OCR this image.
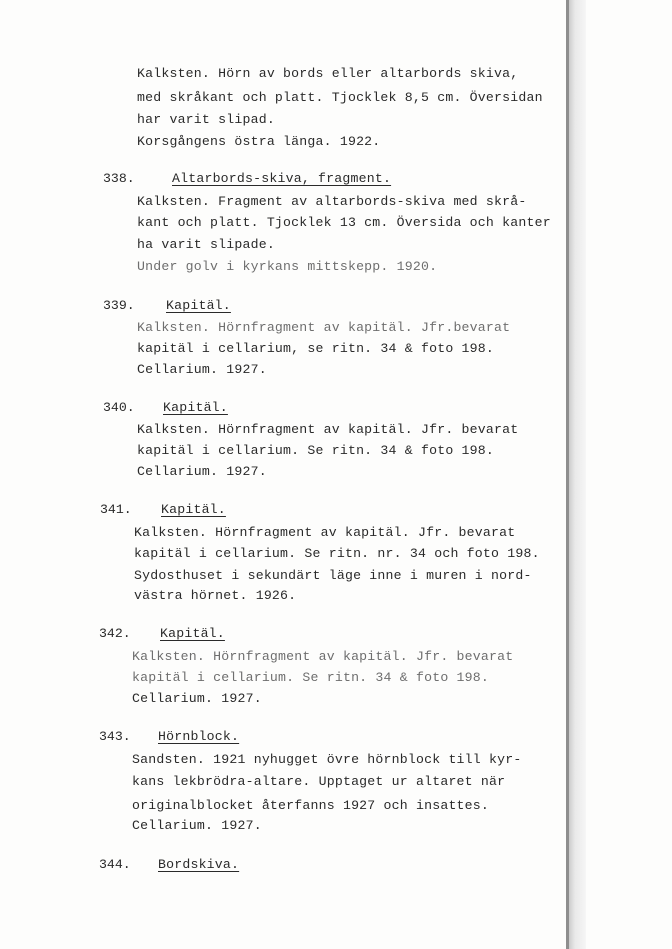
Kalksten. Hörn av bords eller altarbords skiva,
med skråkant och platt. Tjocklek 8,5 cm. Översidan
har varit slipad.
Korsgångens östra länga. 1922.
338.	Altarbords-skiva, fragment.
Kalksten. Fragment av altarbords-skiva med skrå-
kant och platt. Tjocklek 13 cm. Översida och kanter
ha varit slipade.
Under golv i kyrkans mittskepp. 1920.
339. Kapitäl.
Kalksten. Hörnfragment av kapitäl. Jfr.bevarat
kapitäl i cellarium, se ritn. 34 & foto 198.
Cellarium. 1927.
340. Kapitäl.
Kalksten. Hörnfragment av kapitäl. Jfr. bevarat
kapitäl i cellarium. Se ritn. 34 & foto 198.
Cellarium. 1927.
341. Kapitäl.
Kalksten. Hörnfragment av kapitäl. Jfr. bevarat
kapitäl i cellarium. Se ritn. nr. 34 och foto 198.
Sydosthuset i sekundärt läge inne i muren i nord-
västra hörnet. 1926.
342. Kapitäl.
Kalksten. Hörnfragment av kapitäl. Jfr. bevarat
kapitäl i cellarium. Se ritn. 34 & foto 198.
Cellarium. 1927.
343. Hörnblock.
Sandsten. 1921 nyhugget övre hörnblock till kyr-
kans lekbrödra-altare. Upptaget ur altaret när
originalblocket återfanns 1927 och insattes.
Cellarium. 1927.
344. Bordskiva.
